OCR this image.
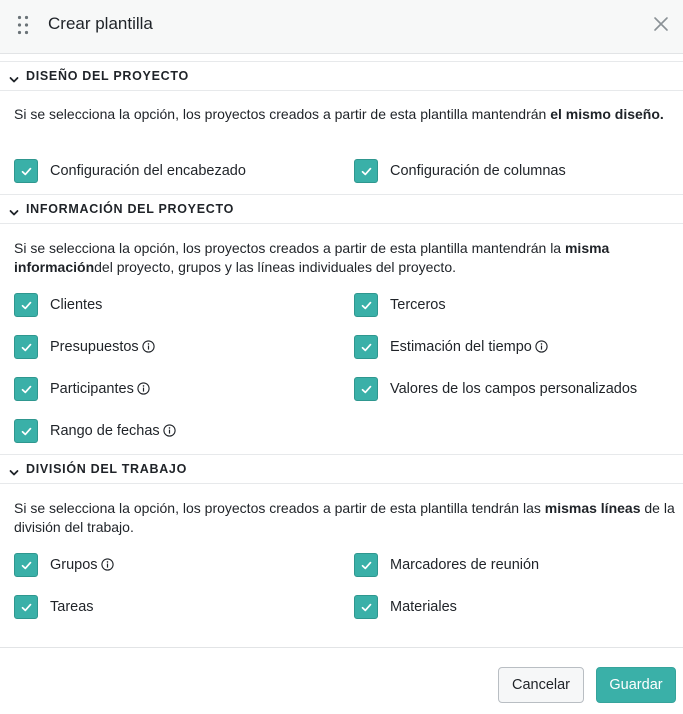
Crear plantilla
DISEÑO DEL PROYECTO
Si se selecciona la opción, los proyectos creados a partir de esta plantilla mantendrán el mismo diseño.
Configuración del encabezado	Configuración de columnas
INFORMACIÓN DEL PROYECTO
Si se selecciona la opción, los proyectos creados a partir de esta plantilla mantendrán la misma informacióndel proyecto, grupos y las líneas individuales del proyecto.
Clientes	Terceros
Presupuestos	Estimación del tiempo
Participantes	Valores de los campos personalizados
Rango de fechas
DIVISIÓN DEL TRABAJO
Si se selecciona la opción, los proyectos creados a partir de esta plantilla tendrán las mismas líneas de la división del trabajo.
Grupos	Marcadores de reunión
Tareas	Materiales
Cancelar	Guardar
